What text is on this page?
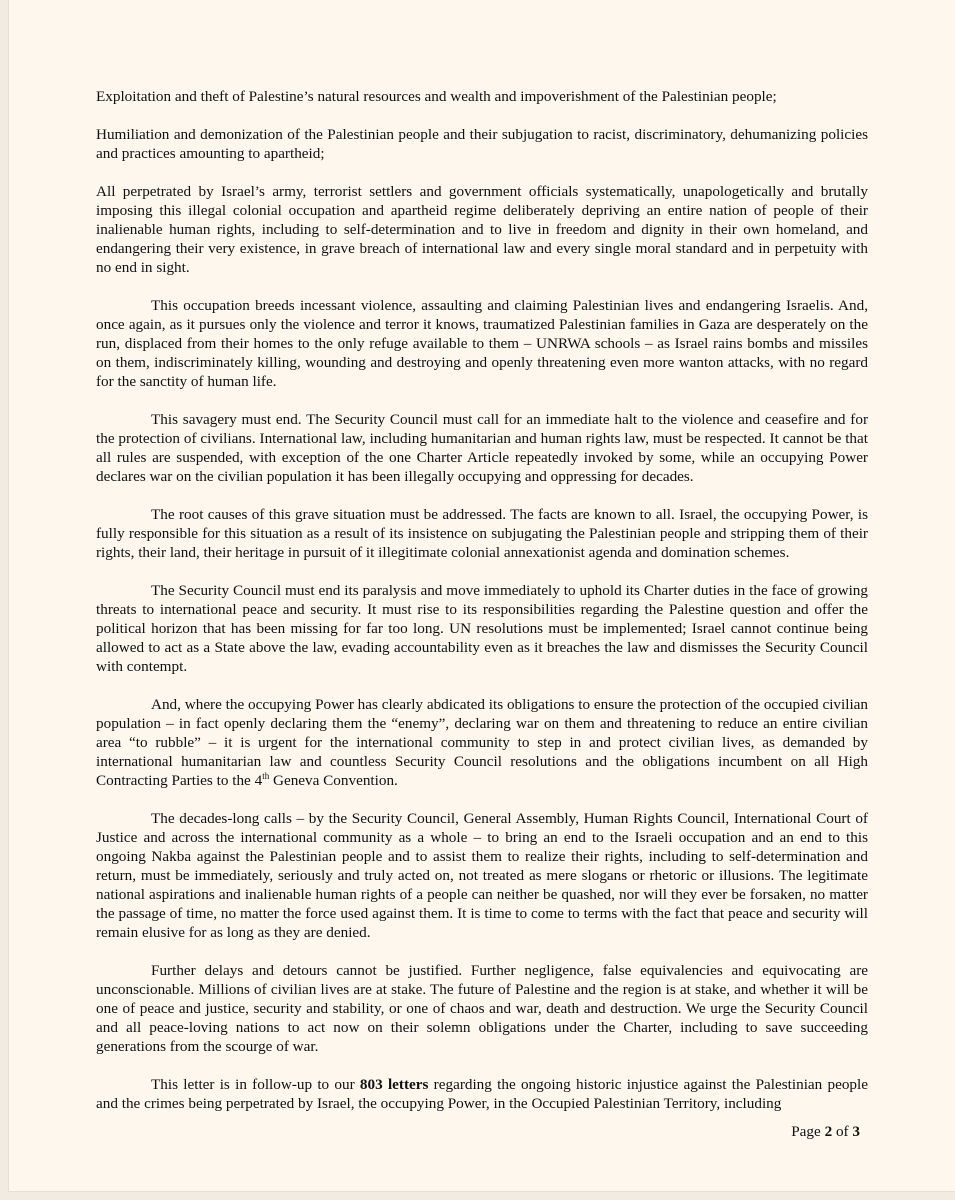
Exploitation and theft of Palestine’s natural resources and wealth and impoverishment of the Palestinian people;

Humiliation and demonization of the Palestinian people and their subjugation to racist, discriminatory, dehumanizing policies and practices amounting to apartheid;

All perpetrated by Israel’s army, terrorist settlers and government officials systematically, unapologetically and brutally imposing this illegal colonial occupation and apartheid regime deliberately depriving an entire nation of people of their inalienable human rights, including to self-determination and to live in freedom and dignity in their own homeland, and endangering their very existence, in grave breach of international law and every single moral standard and in perpetuity with no end in sight.

This occupation breeds incessant violence, assaulting and claiming Palestinian lives and endangering Israelis. And, once again, as it pursues only the violence and terror it knows, traumatized Palestinian families in Gaza are desperately on the run, displaced from their homes to the only refuge available to them – UNRWA schools – as Israel rains bombs and missiles on them, indiscriminately killing, wounding and destroying and openly threatening even more wanton attacks, with no regard for the sanctity of human life.

This savagery must end. The Security Council must call for an immediate halt to the violence and ceasefire and for the protection of civilians. International law, including humanitarian and human rights law, must be respected. It cannot be that all rules are suspended, with exception of the one Charter Article repeatedly invoked by some, while an occupying Power declares war on the civilian population it has been illegally occupying and oppressing for decades.

The root causes of this grave situation must be addressed. The facts are known to all. Israel, the occupying Power, is fully responsible for this situation as a result of its insistence on subjugating the Palestinian people and stripping them of their rights, their land, their heritage in pursuit of it illegitimate colonial annexationist agenda and domination schemes.

The Security Council must end its paralysis and move immediately to uphold its Charter duties in the face of growing threats to international peace and security. It must rise to its responsibilities regarding the Palestine question and offer the political horizon that has been missing for far too long. UN resolutions must be implemented; Israel cannot continue being allowed to act as a State above the law, evading accountability even as it breaches the law and dismisses the Security Council with contempt.

And, where the occupying Power has clearly abdicated its obligations to ensure the protection of the occupied civilian population – in fact openly declaring them the “enemy”, declaring war on them and threatening to reduce an entire civilian area “to rubble” – it is urgent for the international community to step in and protect civilian lives, as demanded by international humanitarian law and countless Security Council resolutions and the obligations incumbent on all High Contracting Parties to the 4th Geneva Convention.

The decades-long calls – by the Security Council, General Assembly, Human Rights Council, International Court of Justice and across the international community as a whole – to bring an end to the Israeli occupation and an end to this ongoing Nakba against the Palestinian people and to assist them to realize their rights, including to self-determination and return, must be immediately, seriously and truly acted on, not treated as mere slogans or rhetoric or illusions. The legitimate national aspirations and inalienable human rights of a people can neither be quashed, nor will they ever be forsaken, no matter the passage of time, no matter the force used against them. It is time to come to terms with the fact that peace and security will remain elusive for as long as they are denied.

Further delays and detours cannot be justified. Further negligence, false equivalencies and equivocating are unconscionable. Millions of civilian lives are at stake. The future of Palestine and the region is at stake, and whether it will be one of peace and justice, security and stability, or one of chaos and war, death and destruction. We urge the Security Council and all peace-loving nations to act now on their solemn obligations under the Charter, including to save succeeding generations from the scourge of war.

This letter is in follow-up to our 803 letters regarding the ongoing historic injustice against the Palestinian people and the crimes being perpetrated by Israel, the occupying Power, in the Occupied Palestinian Territory, including

Page 2 of 3
